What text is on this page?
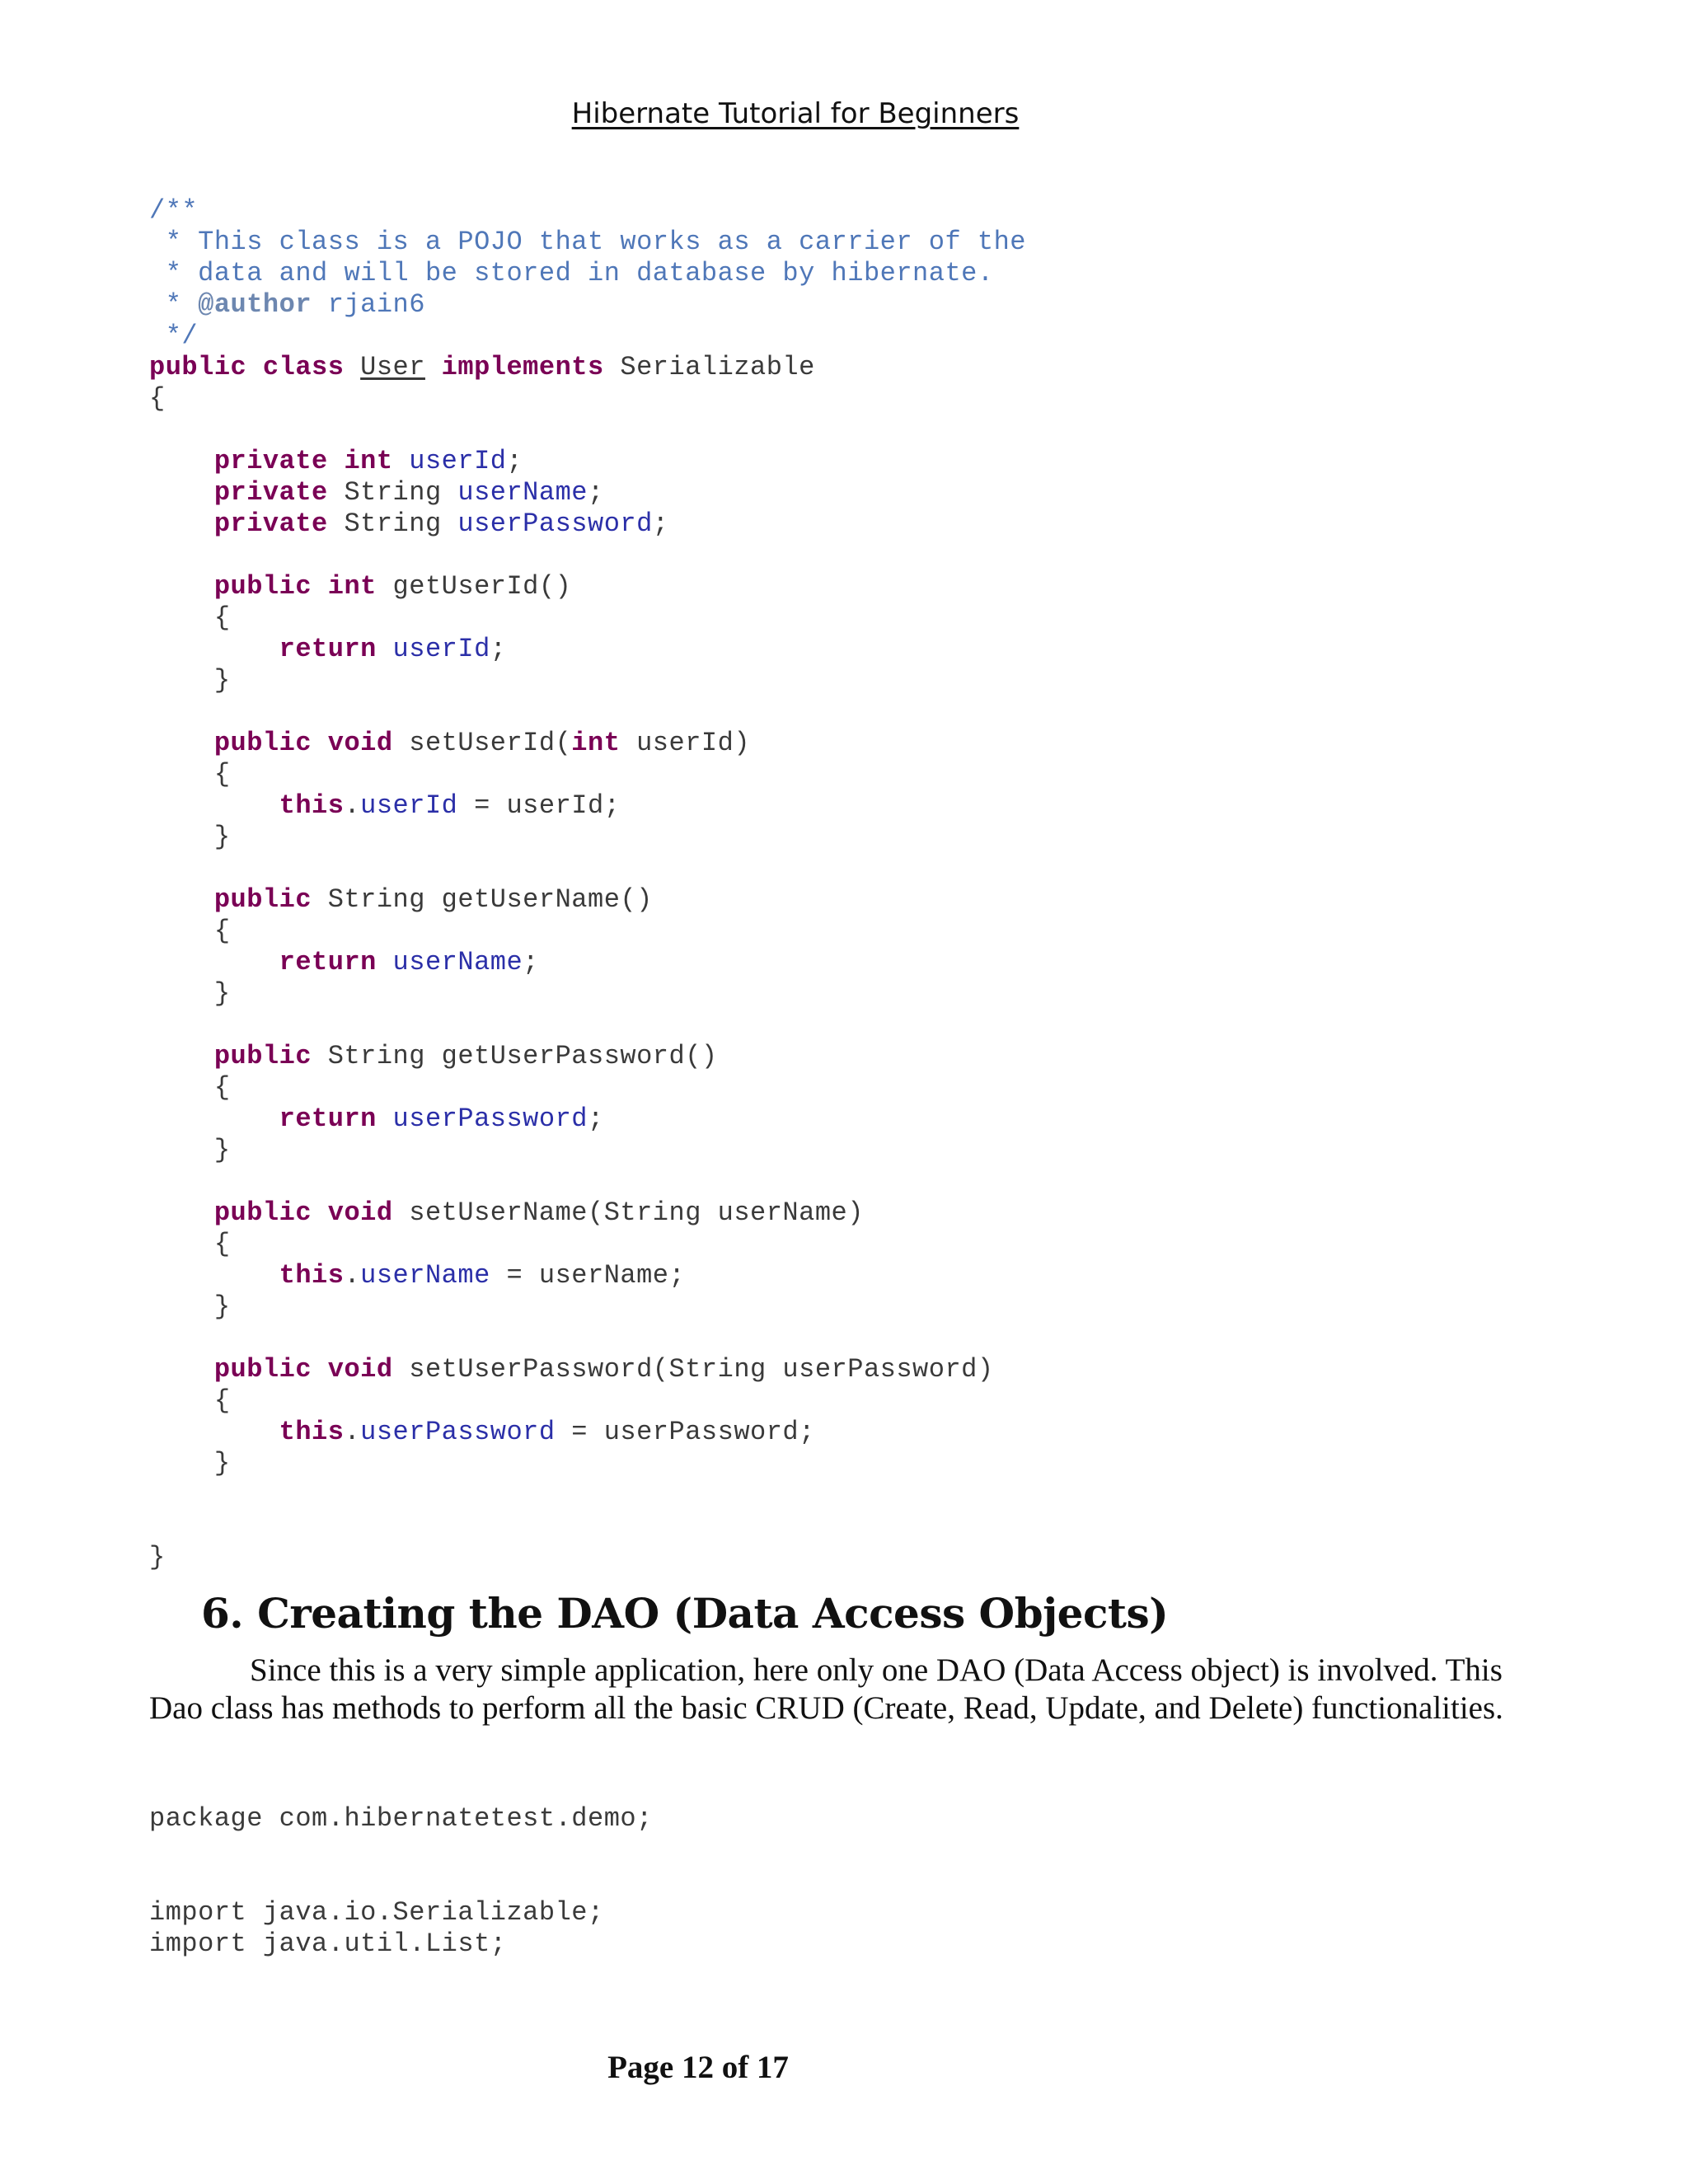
Hibernate Tutorial for Beginners
/**
* This class is a POJO that works as a carrier of the
* data and will be stored in database by hibernate.
* @author rjain6
*/
public class User implements Serializable
{
private int userId;
private String userName;
private String userPassword;
public int getUserId()
{
return userId;
}
public void setUserId(int userId)
{
this.userId = userId;
}
public String getUserName()
{
return userName;
}
public String getUserPassword()
{
return userPassword;
}
public void setUserName(String userName)
{
this.userName = userName;
}
public void setUserPassword(String userPassword)
{
this.userPassword = userPassword;
}
}
6. Creating the DAO (Data Access Objects)

Since this is a very simple application, here only one DAO (Data Access object) is involved. This Dao class has methods to perform all the basic CRUD (Create, Read, Update, and Delete) functionalities.

package com.hibernatetest.demo;
import java.io.Serializable;
import java.util.List;
Page 12 of 17
